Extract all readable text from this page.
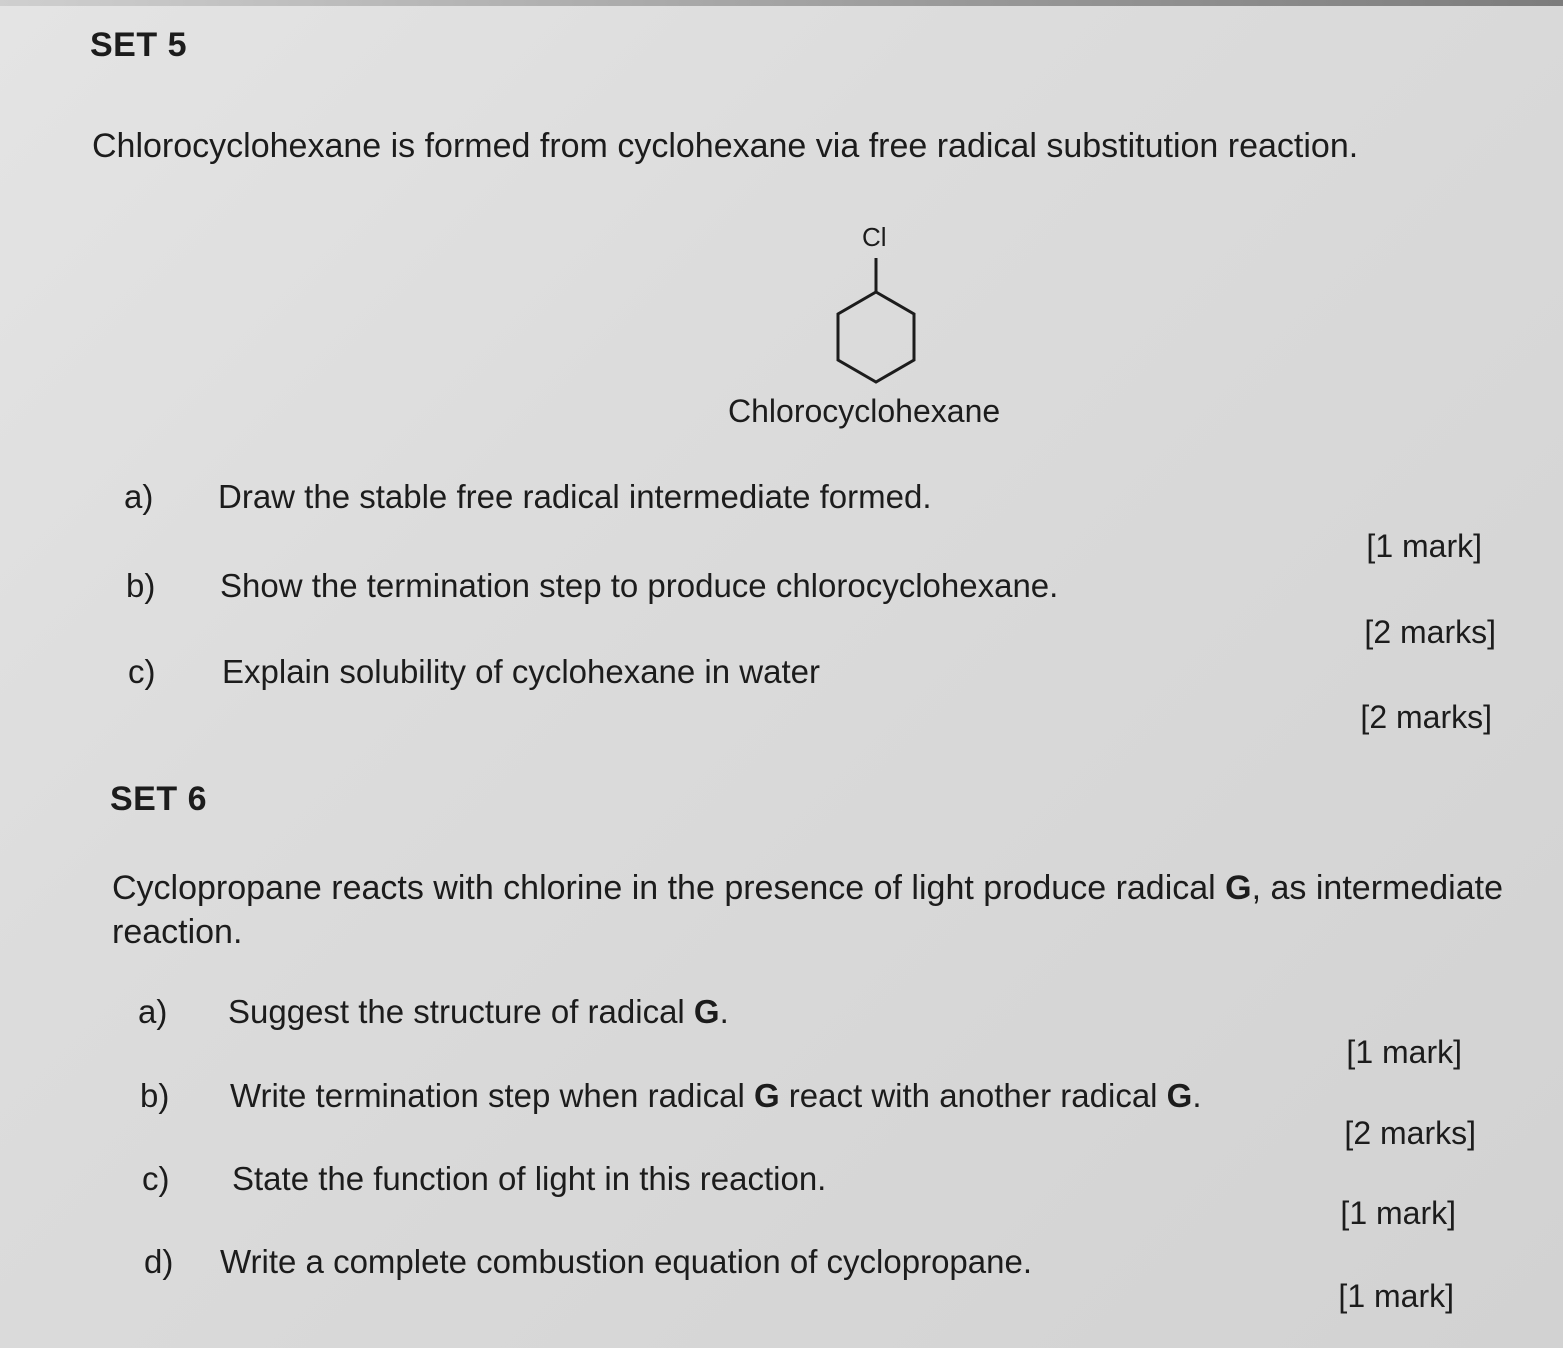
SET 5
Chlorocyclohexane is formed from cyclohexane via free radical substitution reaction.
Cl
Chlorocyclohexane
a) Draw the stable free radical intermediate formed.
[1 mark]
b) Show the termination step to produce chlorocyclohexane.
[2 marks]
c) Explain solubility of cyclohexane in water
[2 marks]
SET 6
Cyclopropane reacts with chlorine in the presence of light produce radical G, as intermediate
reaction.
a) Suggest the structure of radical G.
[1 mark]
b) Write termination step when radical G react with another radical G.
[2 marks]
c) State the function of light in this reaction.
[1 mark]
d) Write a complete combustion equation of cyclopropane.
[1 mark]
